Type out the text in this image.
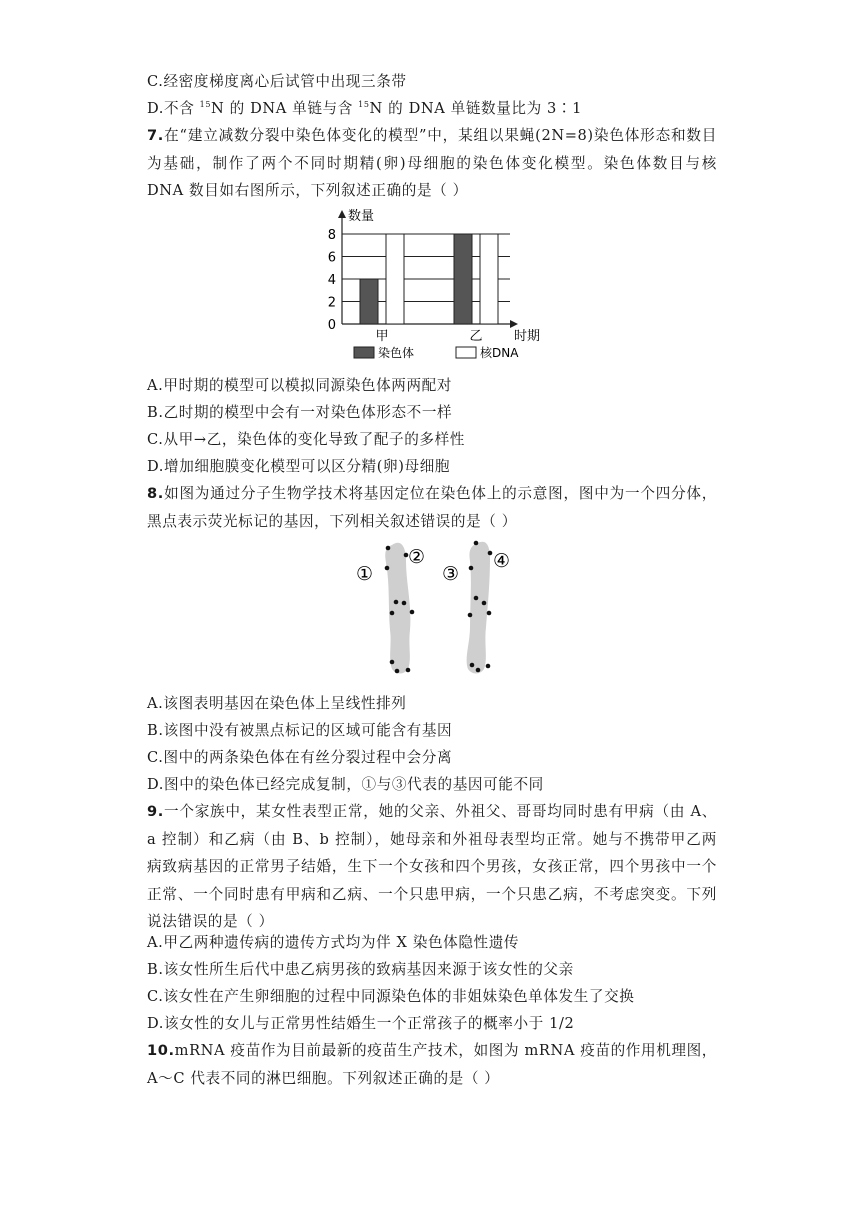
C.经密度梯度离心后试管中出现三条带
D.不含 $^{15}$N 的 DNA 单链与含 $^{15}$N 的 DNA 单链数量比为 3∶1
7.在“建立减数分裂中染色体变化的模型”中，某组以果蝇(2N=8)染色体形态和数目为基础，制作了两个不同时期精(卵)母细胞的染色体变化模型。染色体数目与核 DNA 数目如右图所示，下列叙述正确的是（ ）
数量
时期
0
2
4
6
8
甲	乙
染色体	核DNA
A.甲时期的模型可以模拟同源染色体两两配对
B.乙时期的模型中会有一对染色体形态不一样
C.从甲→乙，染色体的变化导致了配子的多样性
D.增加细胞膜变化模型可以区分精(卵)母细胞
8.如图为通过分子生物学技术将基因定位在染色体上的示意图，图中为一个四分体，黑点表示荧光标记的基因，下列相关叙述错误的是（ ）
①
②
③
④
A.该图表明基因在染色体上呈线性排列
B.该图中没有被黑点标记的区域可能含有基因
C.图中的两条染色体在有丝分裂过程中会分离
D.图中的染色体已经完成复制，①与③代表的基因可能不同
9.一个家族中，某女性表型正常，她的父亲、外祖父、哥哥均同时患有甲病（由 A、a 控制）和乙病（由 B、b 控制），她母亲和外祖母表型均正常。她与不携带甲乙两病致病基因的正常男子结婚，生下一个女孩和四个男孩，女孩正常，四个男孩中一个正常、一个同时患有甲病和乙病、一个只患甲病，一个只患乙病，不考虑突变。下列说法错误的是（ ）
A.甲乙两种遗传病的遗传方式均为伴 X 染色体隐性遗传
B.该女性所生后代中患乙病男孩的致病基因来源于该女性的父亲
C.该女性在产生卵细胞的过程中同源染色体的非姐妹染色单体发生了交换
D.该女性的女儿与正常男性结婚生一个正常孩子的概率小于 1/2
10.mRNA 疫苗作为目前最新的疫苗生产技术，如图为 mRNA 疫苗的作用机理图，A～C 代表不同的淋巴细胞。下列叙述正确的是（ ）
